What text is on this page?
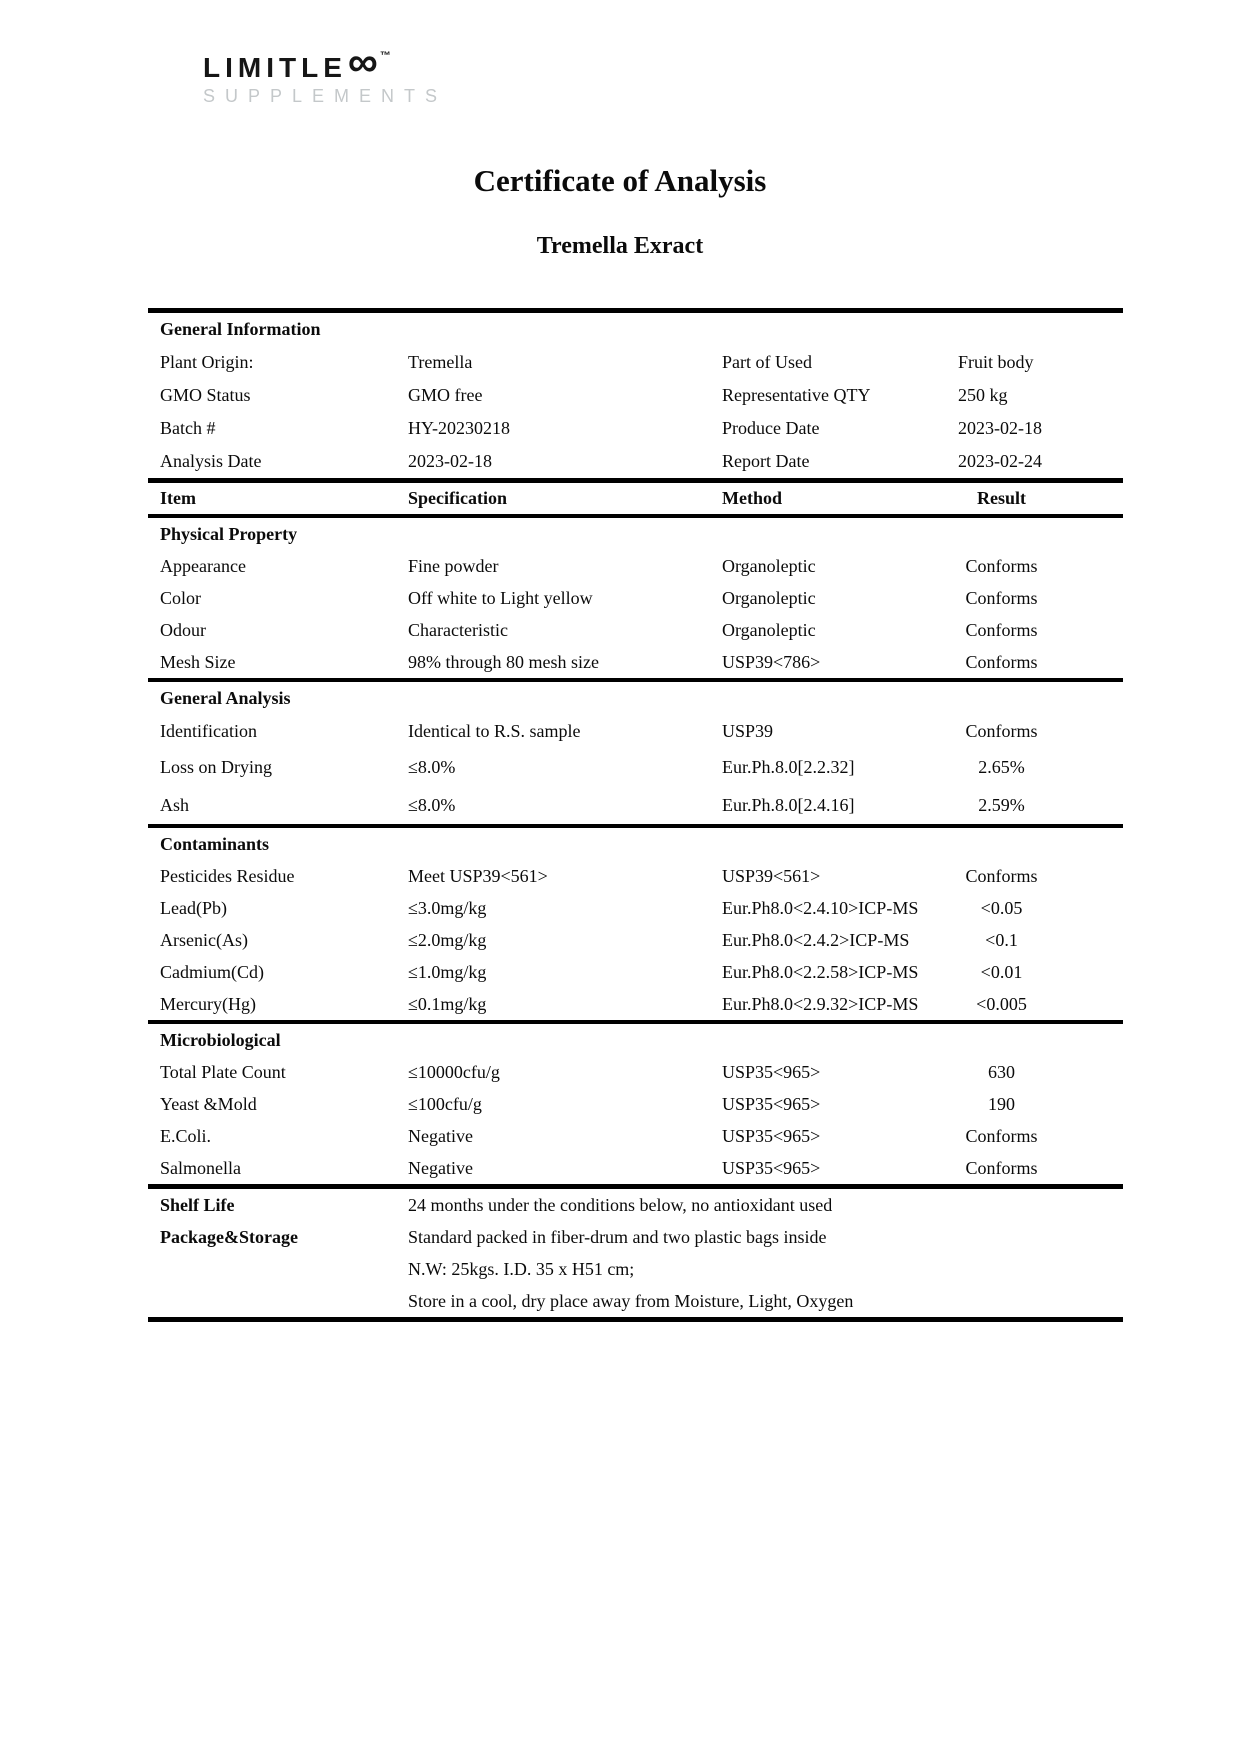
LIMITLE ∞ ™
SUPPLEMENTS
Certificate of Analysis
Tremella Exract
General Information
Plant Origin:	Tremella	Part of Used	Fruit body
GMO Status	GMO free	Representative QTY	250 kg
Batch #	HY-20230218	Produce Date	2023-02-18
Analysis Date	2023-02-18	Report Date	2023-02-24
Item	Specification	Method	Result
Physical Property
Appearance	Fine powder	Organoleptic	Conforms
Color	Off white to Light yellow	Organoleptic	Conforms
Odour	Characteristic	Organoleptic	Conforms
Mesh Size	98% through 80 mesh size	USP39<786>	Conforms
General Analysis
Identification	Identical to R.S. sample	USP39	Conforms
Loss on Drying	≤8.0%	Eur.Ph.8.0[2.2.32]	2.65%
Ash	≤8.0%	Eur.Ph.8.0[2.4.16]	2.59%
Contaminants
Pesticides Residue	Meet USP39<561>	USP39<561>	Conforms
Lead(Pb)	≤3.0mg/kg	Eur.Ph8.0<2.4.10>ICP-MS	<0.05
Arsenic(As)	≤2.0mg/kg	Eur.Ph8.0<2.4.2>ICP-MS	<0.1
Cadmium(Cd)	≤1.0mg/kg	Eur.Ph8.0<2.2.58>ICP-MS	<0.01
Mercury(Hg)	≤0.1mg/kg	Eur.Ph8.0<2.9.32>ICP-MS	<0.005
Microbiological
Total Plate Count	≤10000cfu/g	USP35<965>	630
Yeast &Mold	≤100cfu/g	USP35<965>	190
E.Coli.	Negative	USP35<965>	Conforms
Salmonella	Negative	USP35<965>	Conforms
Shelf Life	24 months under the conditions below, no antioxidant used
Package&Storage	Standard packed in fiber-drum and two plastic bags inside
N.W: 25kgs. I.D. 35 x H51 cm;
Store in a cool, dry place away from Moisture, Light, Oxygen
